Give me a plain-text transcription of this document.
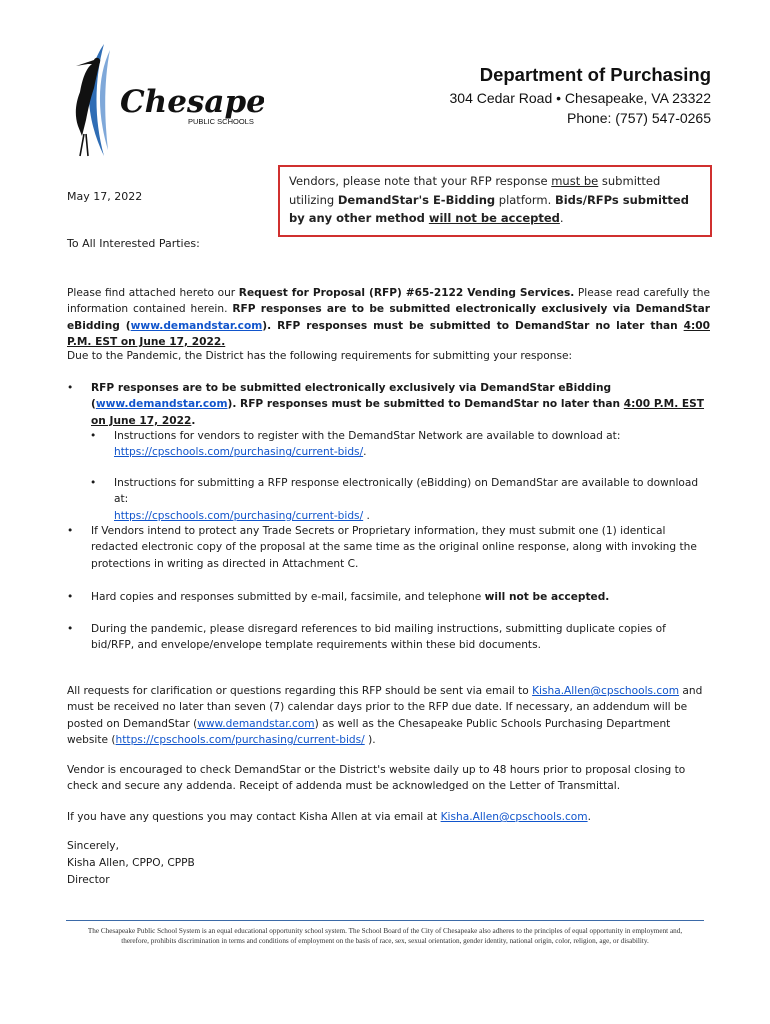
Chesape
PUBLIC SCHOOLS
Department of Purchasing
304 Cedar Road • Chesapeake, VA 23322
Phone: (757) 547-0265
Vendors, please note that your RFP response must be submitted utilizing DemandStar's E-Bidding platform. Bids/RFPs submitted by any other method will not be accepted.
May 17, 2022
To All Interested Parties:
Please find attached hereto our Request for Proposal (RFP) #65-2122 Vending Services. Please read carefully the information contained herein. RFP responses are to be submitted electronically exclusively via DemandStar eBidding (www.demandstar.com). RFP responses must be submitted to DemandStar no later than 4:00 P.M. EST on June 17, 2022.
Due to the Pandemic, the District has the following requirements for submitting your response:
• RFP responses are to be submitted electronically exclusively via DemandStar eBidding (www.demandstar.com). RFP responses must be submitted to DemandStar no later than 4:00 P.M. EST on June 17, 2022.
• Instructions for vendors to register with the DemandStar Network are available to download at:
https://cpschools.com/purchasing/current-bids/.
• Instructions for submitting a RFP response electronically (eBidding) on DemandStar are available to download at:
https://cpschools.com/purchasing/current-bids/ .
• If Vendors intend to protect any Trade Secrets or Proprietary information, they must submit one (1) identical redacted electronic copy of the proposal at the same time as the original online response, along with invoking the protections in writing as directed in Attachment C.
• Hard copies and responses submitted by e-mail, facsimile, and telephone will not be accepted.
• During the pandemic, please disregard references to bid mailing instructions, submitting duplicate copies of bid/RFP, and envelope/envelope template requirements within these bid documents.
All requests for clarification or questions regarding this RFP should be sent via email to Kisha.Allen@cpschools.com and must be received no later than seven (7) calendar days prior to the RFP due date. If necessary, an addendum will be posted on DemandStar (www.demandstar.com) as well as the Chesapeake Public Schools Purchasing Department website (https://cpschools.com/purchasing/current-bids/ ).
Vendor is encouraged to check DemandStar or the District's website daily up to 48 hours prior to proposal closing to check and secure any addenda. Receipt of addenda must be acknowledged on the Letter of Transmittal.
If you have any questions you may contact Kisha Allen at via email at Kisha.Allen@cpschools.com.
Sincerely,
Kisha Allen, CPPO, CPPB
Director
The Chesapeake Public School System is an equal educational opportunity school system. The School Board of the City of Chesapeake also adheres to the principles of equal opportunity in employment and, therefore, prohibits discrimination in terms and conditions of employment on the basis of race, sex, sexual orientation, gender identity, national origin, color, religion, age, or disability.
